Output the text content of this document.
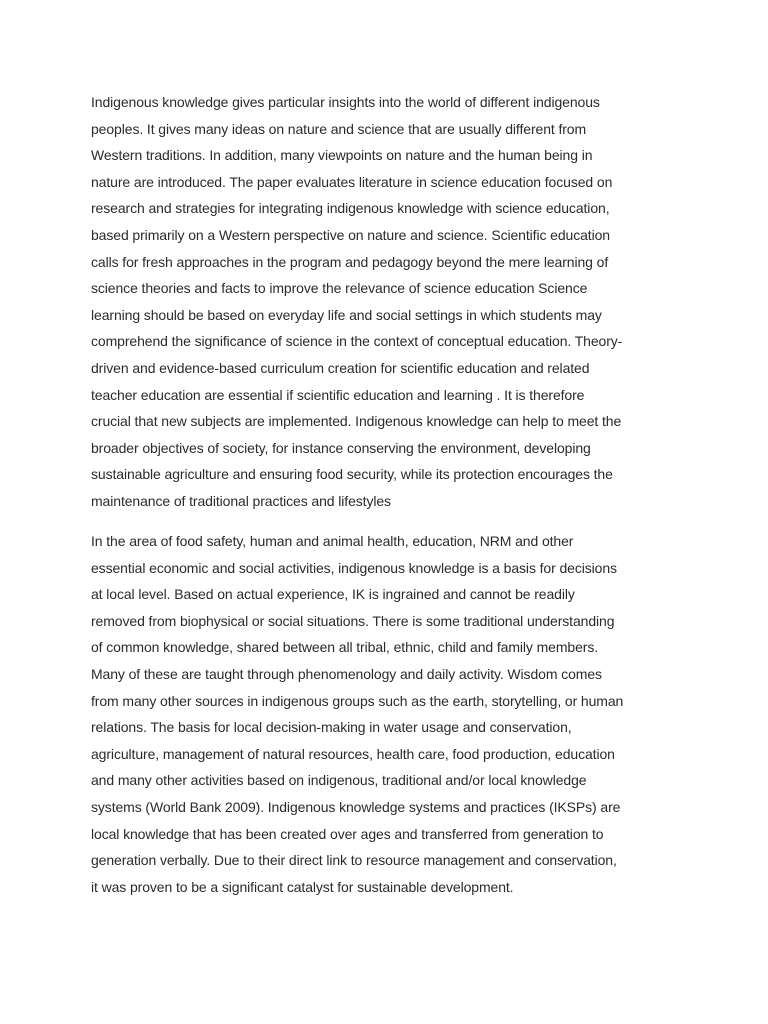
Indigenous knowledge gives particular insights into the world of different indigenous
peoples. It gives many ideas on nature and science that are usually different from
Western traditions. In addition, many viewpoints on nature and the human being in
nature are introduced. The paper evaluates literature in science education focused on
research and strategies for integrating indigenous knowledge with science education,
based primarily on a Western perspective on nature and science. Scientific education
calls for fresh approaches in the program and pedagogy beyond the mere learning of
science theories and facts to improve the relevance of science education Science
learning should be based on everyday life and social settings in which students may
comprehend the significance of science in the context of conceptual education. Theory-
driven and evidence-based curriculum creation for scientific education and related
teacher education are essential if scientific education and learning . It is therefore
crucial that new subjects are implemented. Indigenous knowledge can help to meet the
broader objectives of society, for instance conserving the environment, developing
sustainable agriculture and ensuring food security, while its protection encourages the
maintenance of traditional practices and lifestyles

In the area of food safety, human and animal health, education, NRM and other
essential economic and social activities, indigenous knowledge is a basis for decisions
at local level. Based on actual experience, IK is ingrained and cannot be readily
removed from biophysical or social situations. There is some traditional understanding
of common knowledge, shared between all tribal, ethnic, child and family members.
Many of these are taught through phenomenology and daily activity. Wisdom comes
from many other sources in indigenous groups such as the earth, storytelling, or human
relations. The basis for local decision-making in water usage and conservation,
agriculture, management of natural resources, health care, food production, education
and many other activities based on indigenous, traditional and/or local knowledge
systems (World Bank 2009). Indigenous knowledge systems and practices (IKSPs) are
local knowledge that has been created over ages and transferred from generation to
generation verbally. Due to their direct link to resource management and conservation,
it was proven to be a significant catalyst for sustainable development.
